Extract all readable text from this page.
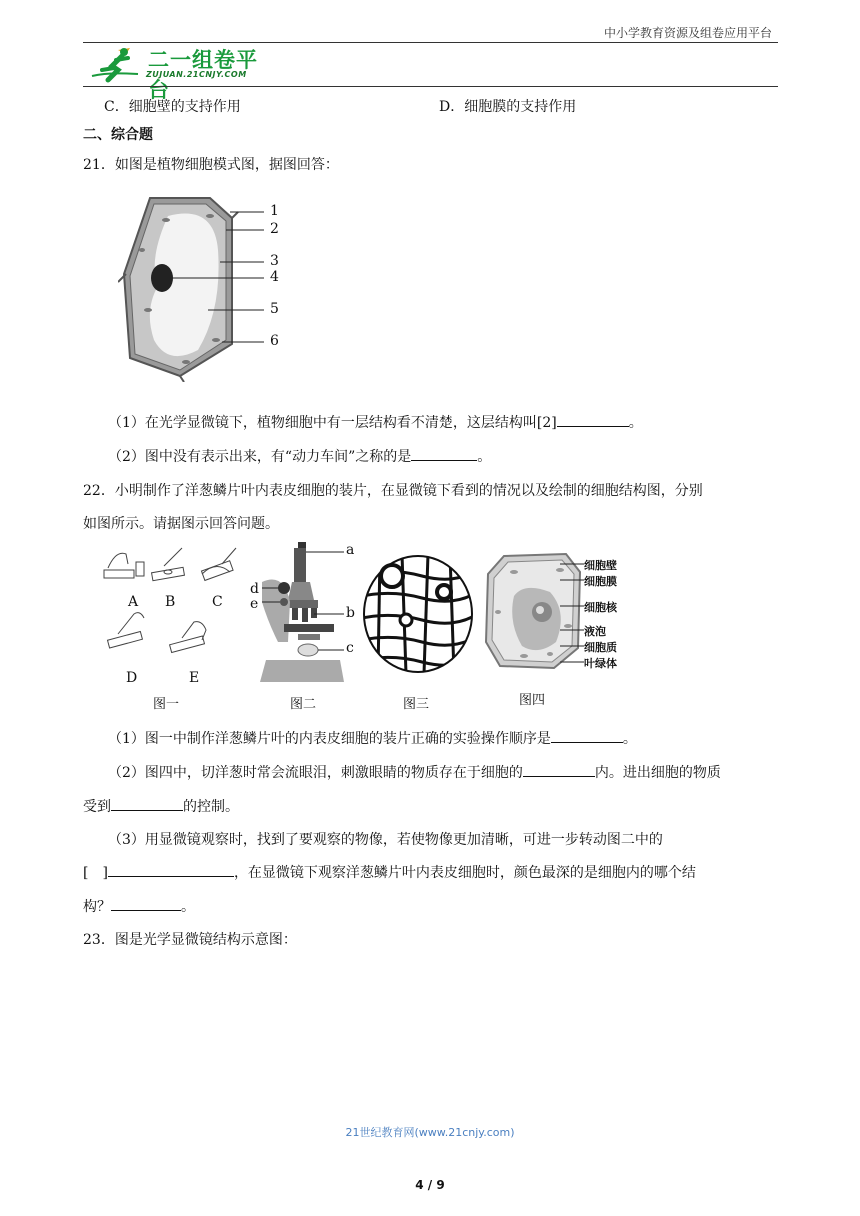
中小学教育资源及组卷应用平台
二一组卷平台
ZUJUAN.21CNJY.COM
C．细胞壁的支持作用	D．细胞膜的支持作用
二、综合题
21．如图是植物细胞模式图，据图回答：
1
2
3
4
5
6
（1）在光学显微镜下，植物细胞中有一层结构看不清楚，这层结构叫[2]	。
（2）图中没有表示出来，有“动力车间”之称的是	。
22．小明制作了洋葱鳞片叶内表皮细胞的装片，在显微镜下看到的情况以及绘制的细胞结构图，分别
如图所示。请据图示回答问题。
A B	C
D	E
图一
a
b
c
d
e
图二	图三
细胞壁
细胞膜
细胞核
液泡
细胞质
叶绿体
图四
（1）图一中制作洋葱鳞片叶的内表皮细胞的装片正确的实验操作顺序是	。
（2）图四中，切洋葱时常会流眼泪，刺激眼睛的物质存在于细胞的	内。进出细胞的物质
受到	的控制。
（3）用显微镜观察时，找到了要观察的物像，若使物像更加清晰，可进一步转动图二中的
[　]	，在显微镜下观察洋葱鳞片叶内表皮细胞时，颜色最深的是细胞内的哪个结
构？	。
23．图是光学显微镜结构示意图：
21世纪教育网(www.21cnjy.com)
4 / 9
